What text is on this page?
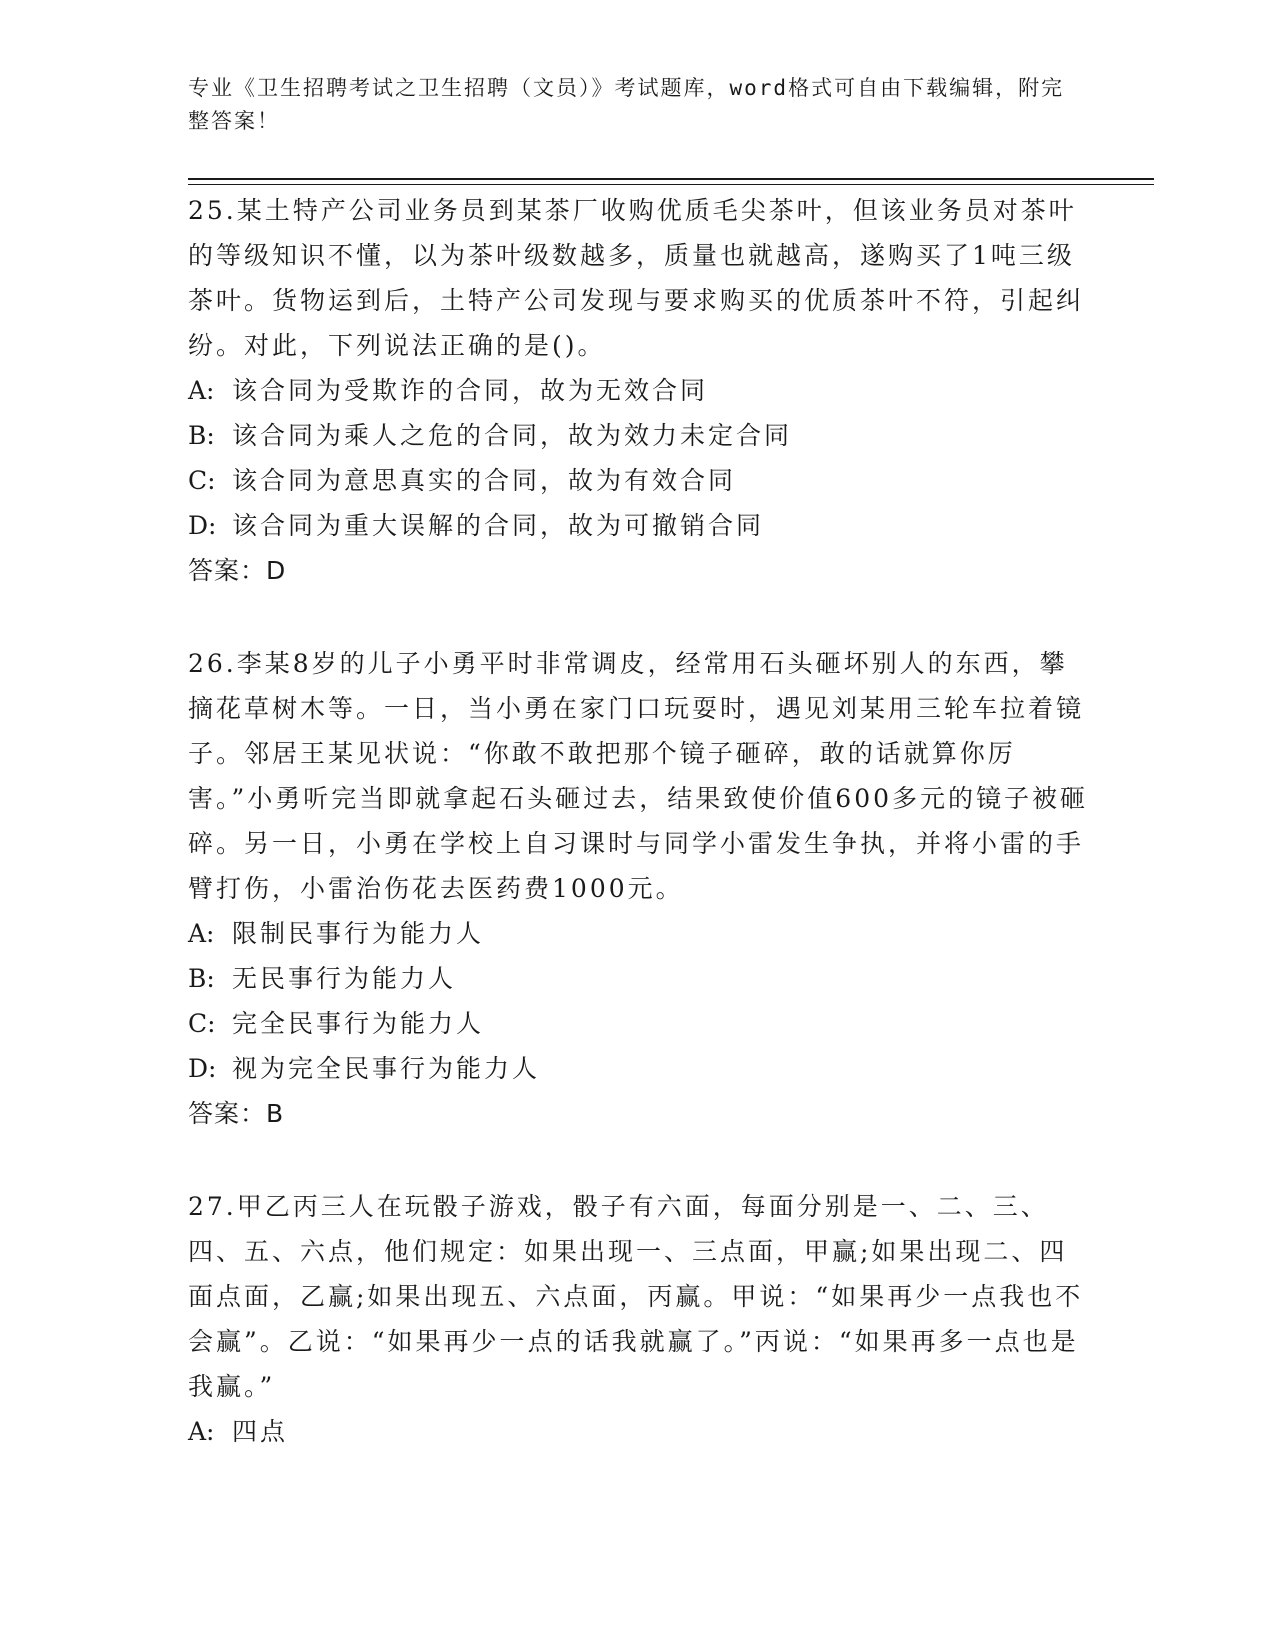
专业《卫生招聘考试之卫生招聘（文员）》考试题库，word格式可自由下载编辑，附完整答案！

25.某土特产公司业务员到某茶厂收购优质毛尖茶叶，但该业务员对茶叶的等级知识不懂，以为茶叶级数越多，质量也就越高，遂购买了1吨三级茶叶。货物运到后，土特产公司发现与要求购买的优质茶叶不符，引起纠纷。对此，下列说法正确的是()。

A: 该合同为受欺诈的合同，故为无效合同
B: 该合同为乘人之危的合同，故为效力未定合同
C: 该合同为意思真实的合同，故为有效合同
D: 该合同为重大误解的合同，故为可撤销合同

答案：D

26.李某8岁的儿子小勇平时非常调皮，经常用石头砸坏别人的东西，攀摘花草树木等。一日，当小勇在家门口玩耍时，遇见刘某用三轮车拉着镜子。邻居王某见状说：“你敢不敢把那个镜子砸碎，敢的话就算你厉害。”小勇听完当即就拿起石头砸过去，结果致使价值600多元的镜子被砸碎。另一日，小勇在学校上自习课时与同学小雷发生争执，并将小雷的手臂打伤，小雷治伤花去医药费1000元。

A: 限制民事行为能力人
B: 无民事行为能力人
C: 完全民事行为能力人
D: 视为完全民事行为能力人

答案：B

27.甲乙丙三人在玩骰子游戏，骰子有六面，每面分别是一、二、三、四、五、六点，他们规定：如果出现一、三点面，甲赢;如果出现二、四面点面，乙赢;如果出现五、六点面，丙赢。甲说：“如果再少一点我也不会赢”。乙说：“如果再少一点的话我就赢了。”丙说：“如果再多一点也是我赢。”

A: 四点
